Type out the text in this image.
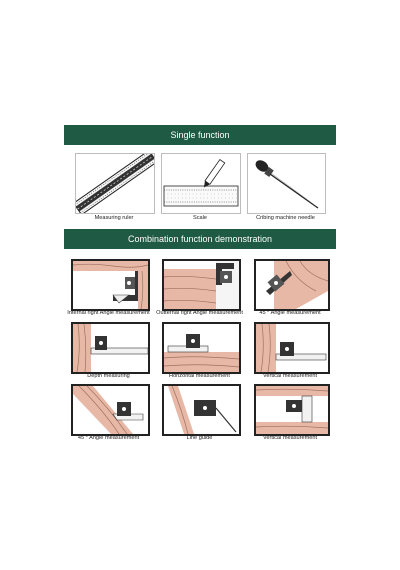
Single function
Measuring ruler	Scale	Cribing machine needle
Combination function demonstration
Internal right Angle measurement	Outternal right Angle measurement	45 ° Angle measurement
Depth measuring	Horizontal measurement	Vertical measurement
45 ° Angle measurement	Line guide	Vertical measurement
